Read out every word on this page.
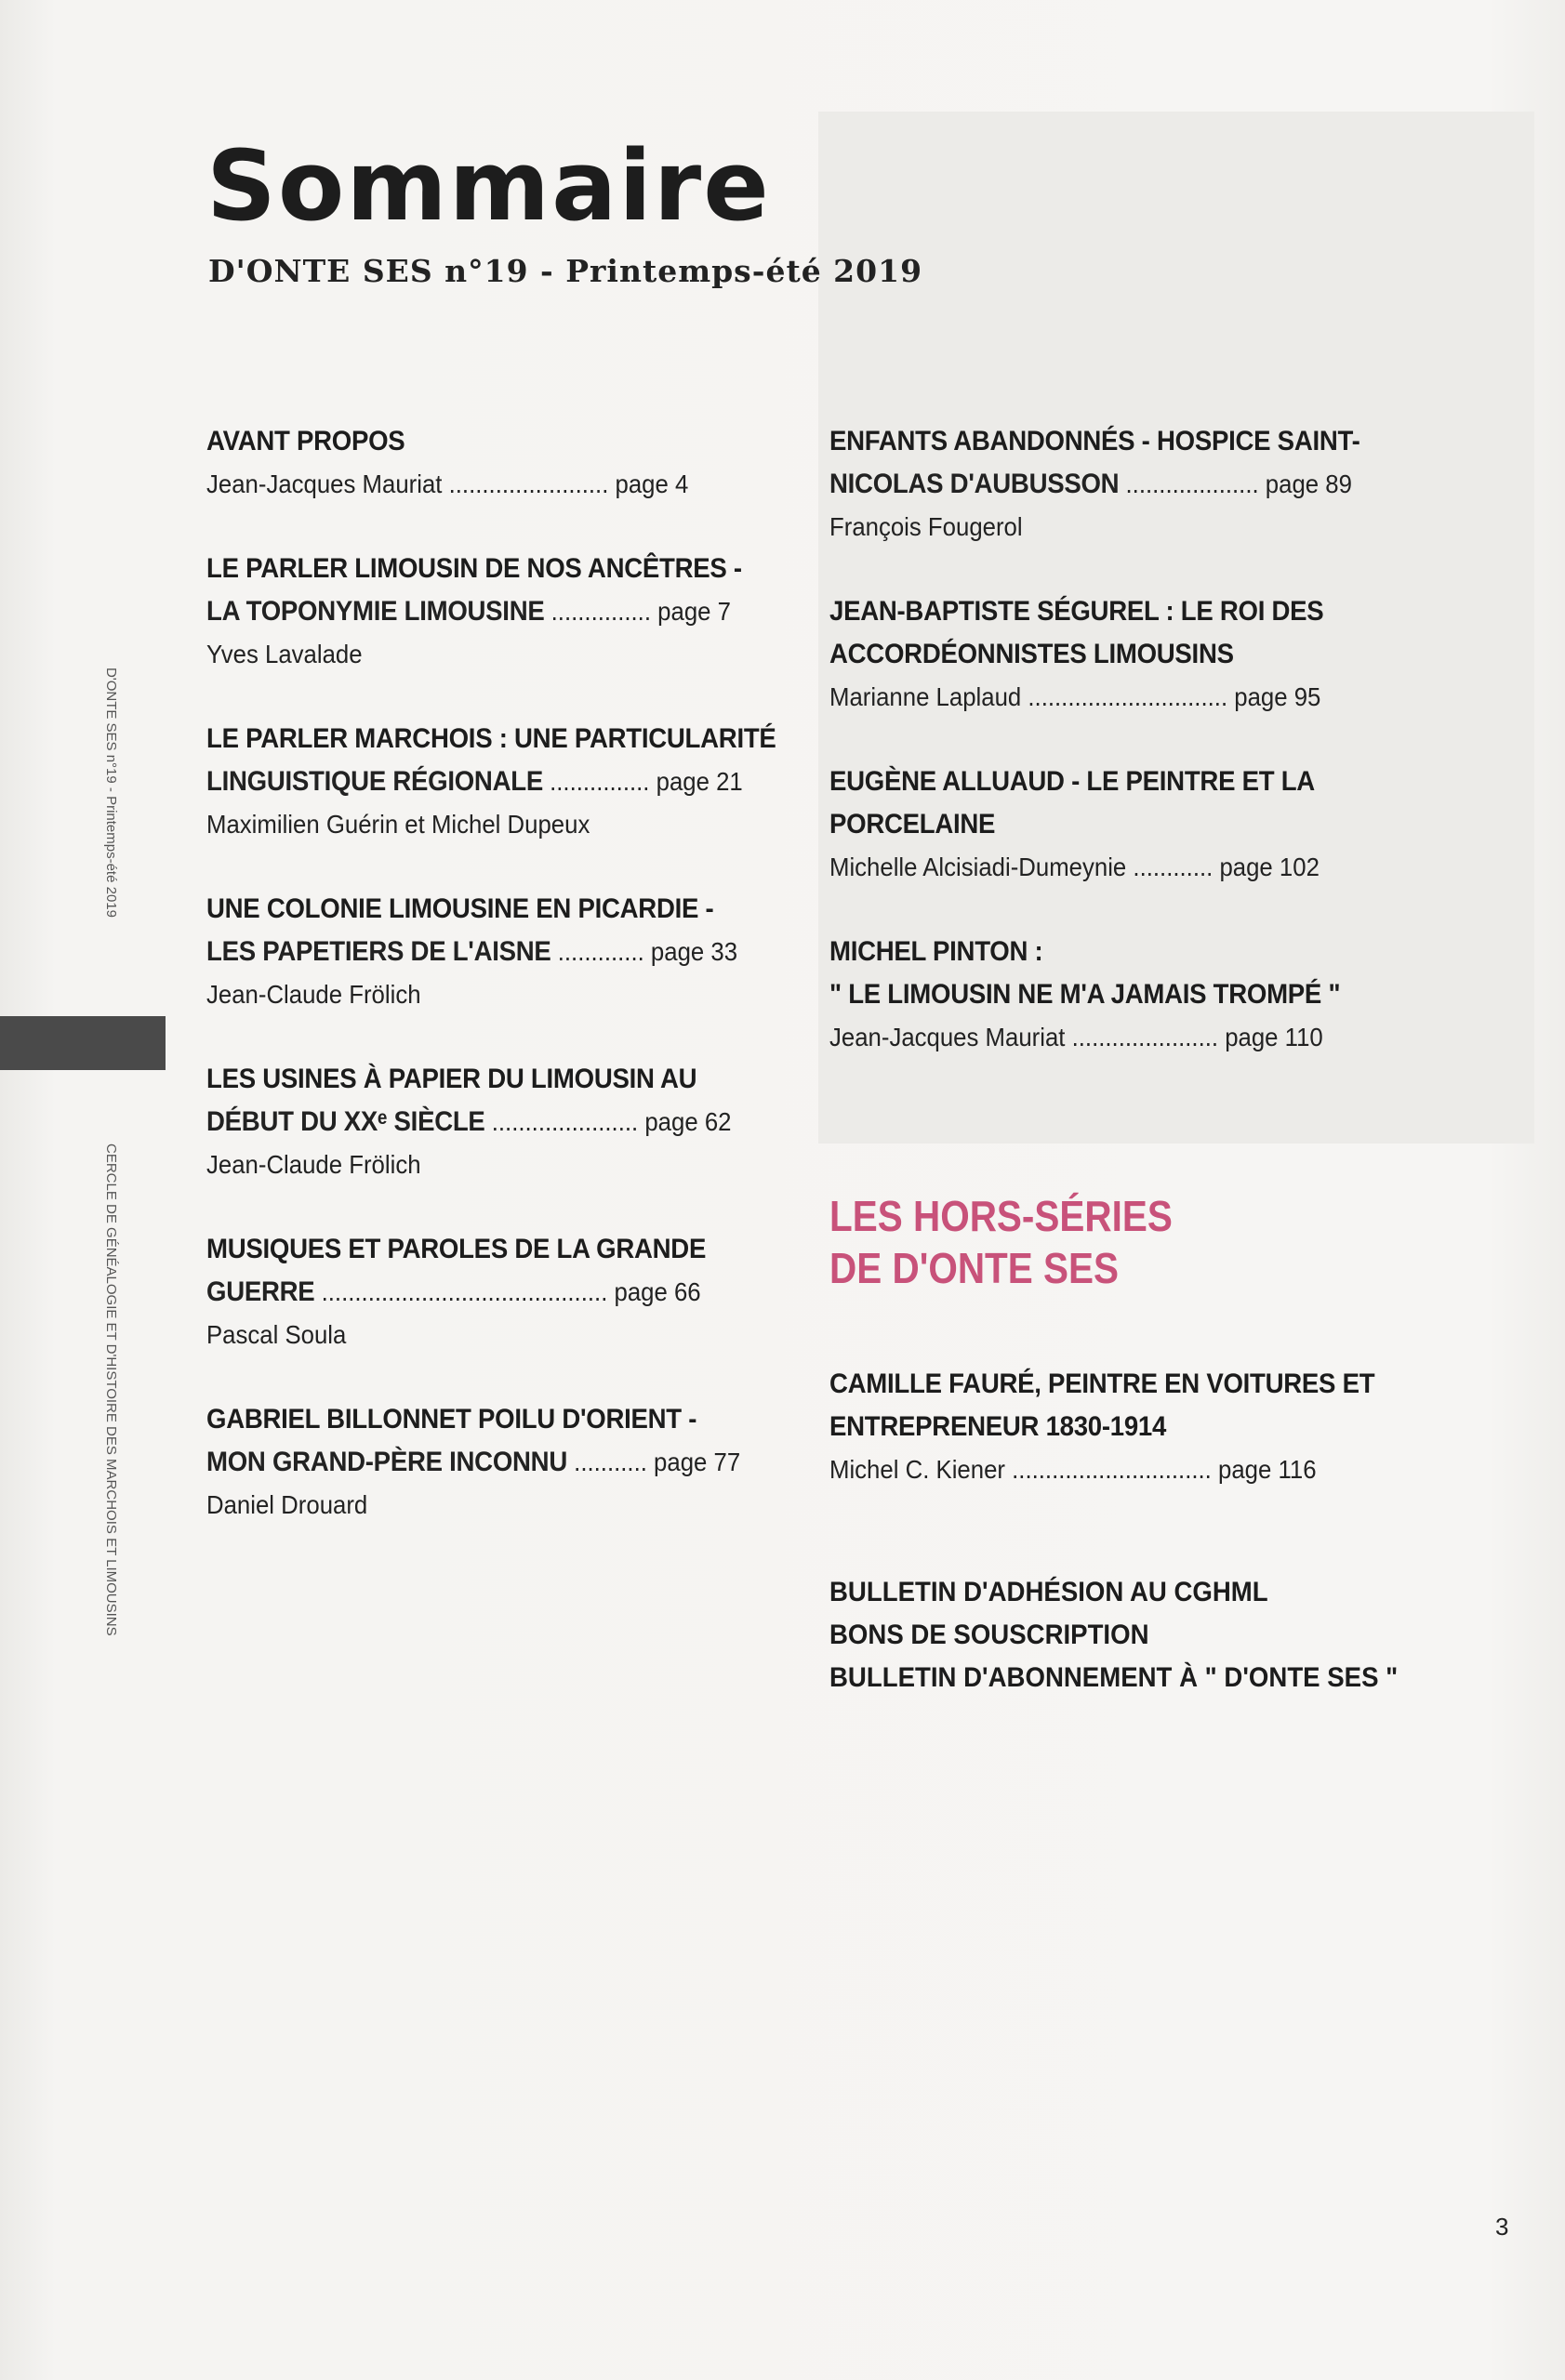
Sommaire
D'ONTE SES n°19 - Printemps-été 2019
D'ONTE SES n°19 - Printemps-été 2019
CERCLE DE GÉNÉALOGIE ET D'HISTOIRE DES MARCHOIS ET LIMOUSINS
AVANT PROPOS
Jean-Jacques Mauriat ........................ page 4
LE PARLER LIMOUSIN DE NOS ANCÊTRES -
LA TOPONYMIE LIMOUSINE ............... page 7
Yves Lavalade
LE PARLER MARCHOIS : UNE PARTICULARITÉ
LINGUISTIQUE RÉGIONALE ............... page 21
Maximilien Guérin et Michel Dupeux
UNE COLONIE LIMOUSINE EN PICARDIE -
LES PAPETIERS DE L'AISNE ............. page 33
Jean-Claude Frölich
LES USINES À PAPIER DU LIMOUSIN AU
DÉBUT DU XXᵉ SIÈCLE ...................... page 62
Jean-Claude Frölich
MUSIQUES ET PAROLES DE LA GRANDE
GUERRE ........................................... page 66
Pascal Soula
GABRIEL BILLONNET POILU D'ORIENT -
MON GRAND-PÈRE INCONNU ........... page 77
Daniel Drouard
ENFANTS ABANDONNÉS - HOSPICE SAINT-
NICOLAS D'AUBUSSON .................... page 89
François Fougerol
JEAN-BAPTISTE SÉGUREL : LE ROI DES
ACCORDÉONNISTES LIMOUSINS
Marianne Laplaud .............................. page 95
EUGÈNE ALLUAUD - LE PEINTRE ET LA
PORCELAINE
Michelle Alcisiadi-Dumeynie ............ page 102
MICHEL PINTON :
" LE LIMOUSIN NE M'A JAMAIS TROMPÉ "
Jean-Jacques Mauriat ...................... page 110
LES HORS-SÉRIES
DE D'ONTE SES
CAMILLE FAURÉ, PEINTRE EN VOITURES ET
ENTREPRENEUR 1830-1914
Michel C. Kiener .............................. page 116
BULLETIN D'ADHÉSION AU CGHML
BONS DE SOUSCRIPTION
BULLETIN D'ABONNEMENT À " D'ONTE SES "
3
